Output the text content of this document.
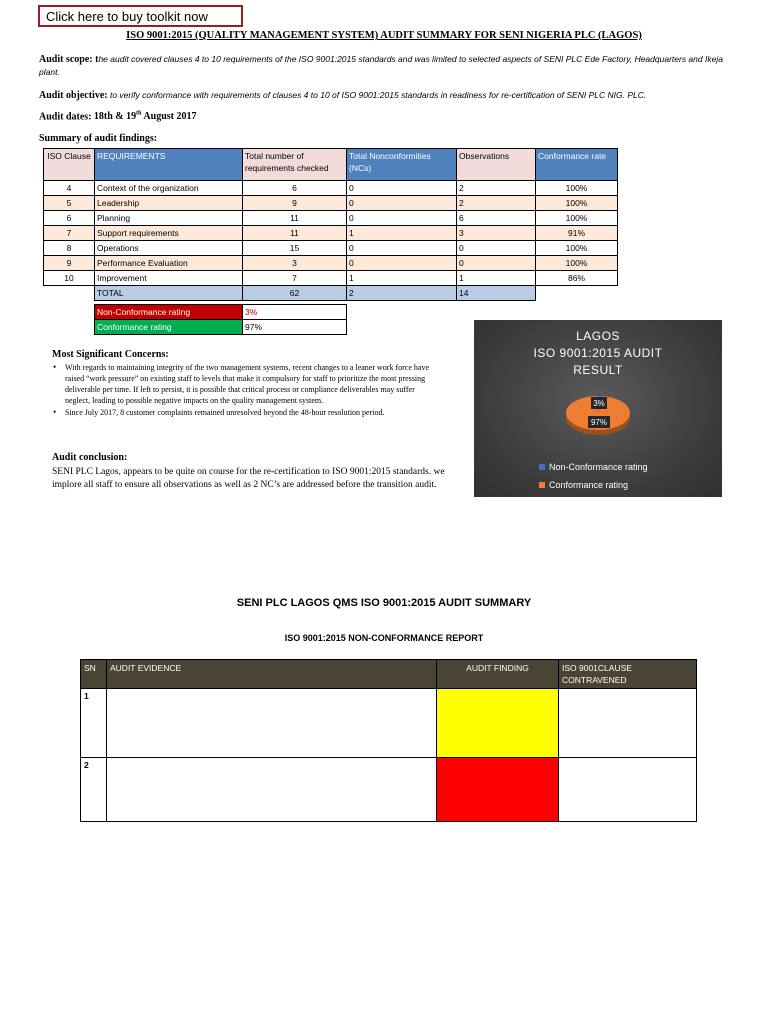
Click here to buy toolkit now
ISO 9001:2015 (QUALITY MANAGEMENT SYSTEM) AUDIT SUMMARY FOR SENI NIGERIA PLC (LAGOS)
Audit scope: the audit covered clauses 4 to 10 requirements of the ISO 9001:2015 standards and was limited to selected aspects of SENI PLC Ede Factory, Headquarters and Ikeja plant.
Audit objective: to verify conformance with requirements of clauses 4 to 10 of ISO 9001:2015 standards in readiness for re-certification of SENI PLC NIG. PLC.
Audit dates: 18th & 19th August 2017
Summary of audit findings:
ISO Clause	REQUIREMENTS	Total number of requirements checked	Total Nonconformities (NCs)	Observations	Conformance rate
4	Context of the organization	6	0	2	100%
5	Leadership	9	0	2	100%
6	Planning	11	0	6	100%
7	Support requirements	11	1	3	91%
8	Operations	15	0	0	100%
9	Performance Evaluation	3	0	0	100%
10	Improvement	7	1	1	86%
	TOTAL	62	2	14	
Non-Conformance rating	3%
Conformance rating	97%
Most Significant Concerns:
• With regards to maintaining integrity of the two management systems, recent changes to a leaner work force have raised “work pressure” on existing staff to levels that make it compulsory for staff to prioritize the most pressing deliverable per time. If left to persist, it is possible that critical process or compliance deliverables may suffer neglect, leading to possible negative impacts on the quality management system.
• Since July 2017, 8 customer complaints remained unresolved beyond the 48-hour resolution period.
Audit conclusion:
SENI PLC Lagos, appears to be quite on course for the re-certification to ISO 9001:2015 standards. we implore all staff to ensure all observations as well as 2 NC’s are addressed before the transition audit.
LAGOS
ISO 9001:2015 AUDIT
RESULT
3%
97%
Non-Conformance rating
Conformance rating
SENI PLC LAGOS QMS ISO 9001:2015 AUDIT SUMMARY
ISO 9001:2015 NON-CONFORMANCE REPORT
SN	AUDIT EVIDENCE	AUDIT FINDING	ISO 9001CLAUSE CONTRAVENED
1			
2			
